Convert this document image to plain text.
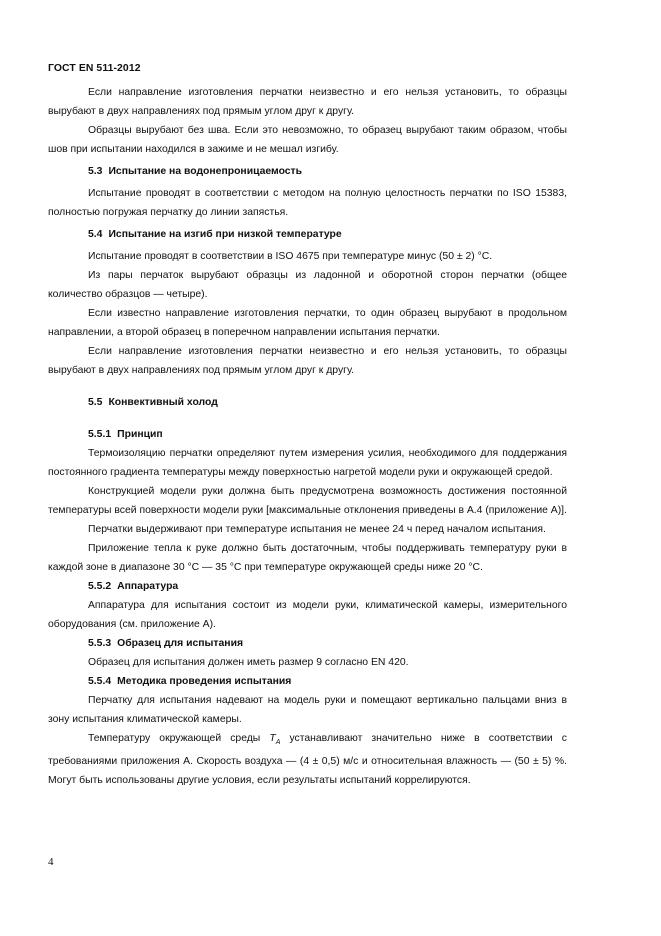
ГОСТ EN 511-2012

Если направление изготовления перчатки неизвестно и его нельзя установить, то образцы вырубают в двух направлениях под прямым углом друг к другу.

Образцы вырубают без шва. Если это невозможно, то образец вырубают таким образом, чтобы шов при испытании находился в зажиме и не мешал изгибу.

5.3 Испытание на водонепроницаемость

Испытание проводят в соответствии с методом на полную целостность перчатки по ISO 15383, полностью погружая перчатку до линии запястья.

5.4 Испытание на изгиб при низкой температуре

Испытание проводят в соответствии в ISO 4675 при температуре минус (50 ± 2) °С.

Из пары перчаток вырубают образцы из ладонной и оборотной сторон перчатки (общее количество образцов — четыре).

Если известно направление изготовления перчатки, то один образец вырубают в продольном направлении, а второй образец в поперечном направлении испытания перчатки.

Если направление изготовления перчатки неизвестно и его нельзя установить, то образцы вырубают в двух направлениях под прямым углом друг к другу.

5.5 Конвективный холод
5.5.1 Принцип

Термоизоляцию перчатки определяют путем измерения усилия, необходимого для поддержания постоянного градиента температуры между поверхностью нагретой модели руки и окружающей средой.

Конструкцией модели руки должна быть предусмотрена возможность достижения постоянной температуры всей поверхности модели руки [максимальные отклонения приведены в А.4 (приложение А)].

Перчатки выдерживают при температуре испытания не менее 24 ч перед началом испытания.

Приложение тепла к руке должно быть достаточным, чтобы поддерживать температуру руки в каждой зоне в диапазоне 30 °С — 35 °С при температуре окружающей среды ниже 20 °С.

5.5.2 Аппаратура

Аппаратура для испытания состоит из модели руки, климатической камеры, измерительного оборудования (см. приложение А).

5.5.3 Образец для испытания

Образец для испытания должен иметь размер 9 согласно EN 420.

5.5.4 Методика проведения испытания

Перчатку для испытания надевают на модель руки и помещают вертикально пальцами вниз в зону испытания климатической камеры.

Температуру окружающей среды $T_A$ устанавливают значительно ниже в соответствии с требованиями приложения А. Скорость воздуха — (4 ± 0,5) м/с и относительная влажность — (50 ± 5) %. Могут быть использованы другие условия, если результаты испытаний коррелируются.

4
